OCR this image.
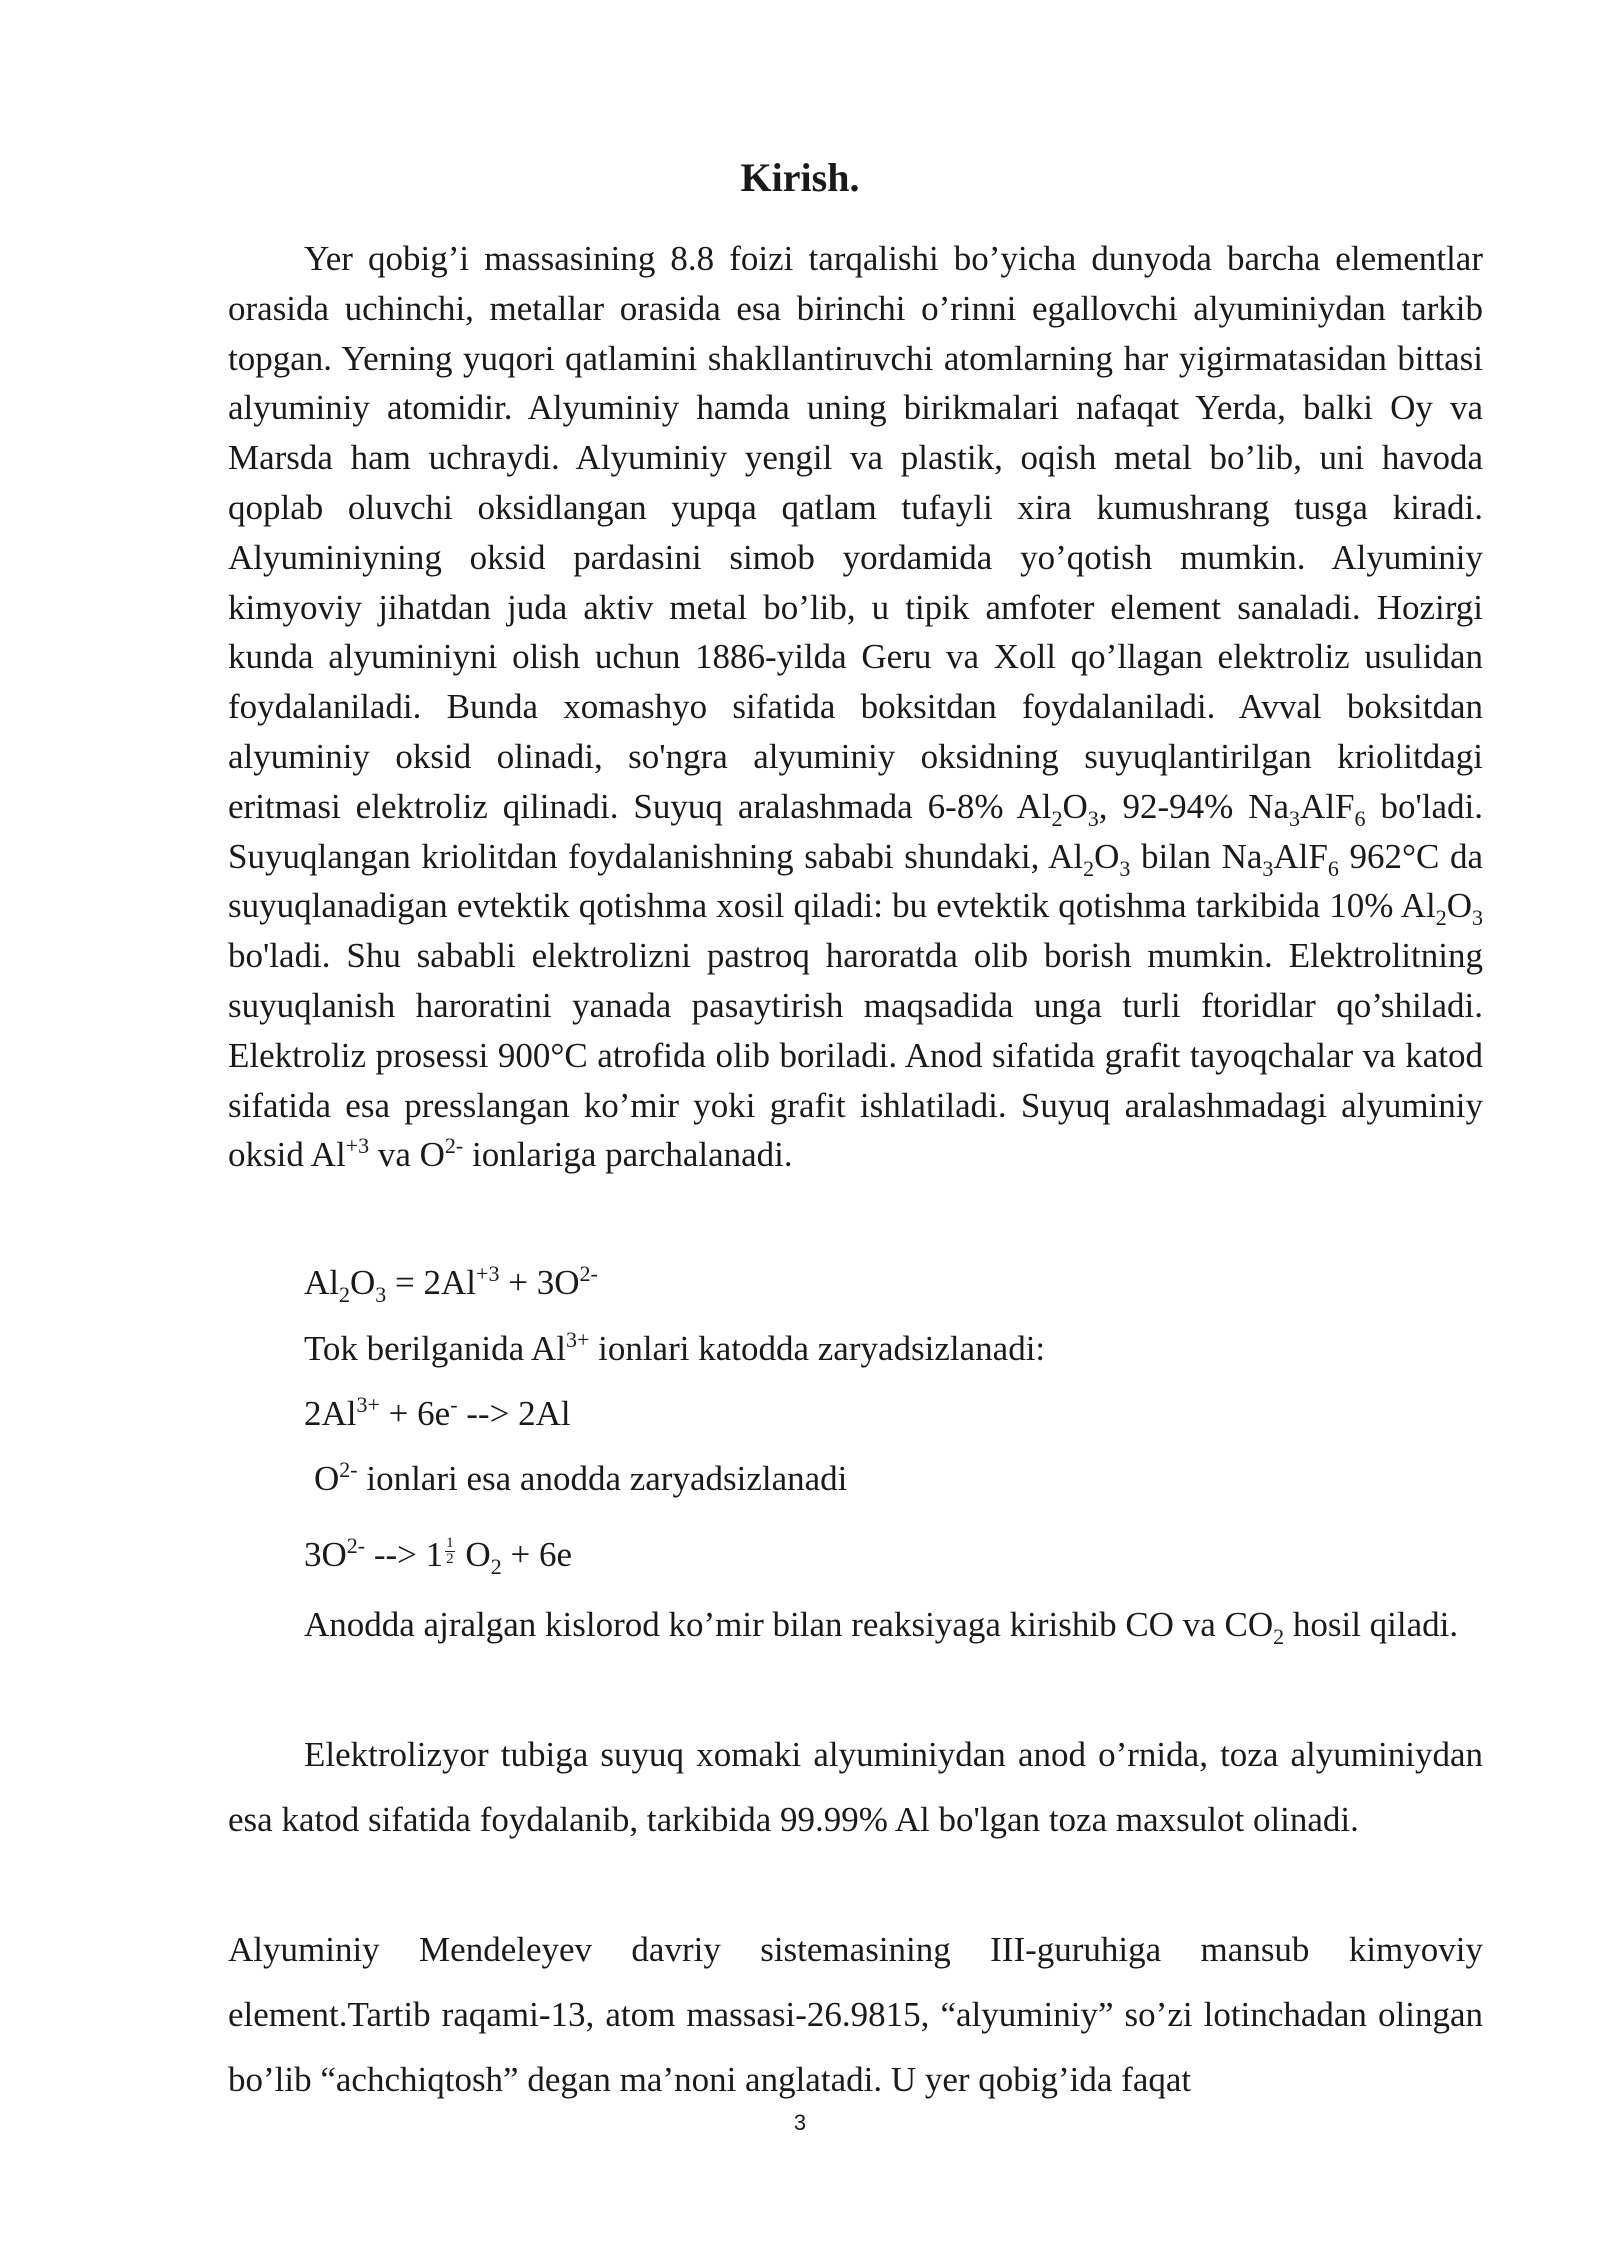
Kirish.
Yer qobig’i massasining 8.8 foizi tarqalishi bo’yicha dunyoda barcha elementlar orasida uchinchi, metallar orasida esa birinchi o’rinni egallovchi alyuminiydan tarkib topgan. Yerning yuqori qatlamini shakllantiruvchi atomlarning har yigirmatasidan bittasi alyuminiy atomidir. Alyuminiy hamda uning birikmalari nafaqat Yerda, balki Oy va Marsda ham uchraydi. Alyuminiy yengil va plastik, oqish metal bo’lib, uni havoda qoplab oluvchi oksidlangan yupqa qatlam tufayli xira kumushrang tusga kiradi. Alyuminiyning oksid pardasini simob yordamida yo’qotish mumkin. Alyuminiy kimyoviy jihatdan juda aktiv metal bo’lib, u tipik amfoter element sanaladi. Hozirgi kunda alyuminiyni olish uchun 1886-yilda Geru va Xoll qo’llagan elektroliz usulidan foydalaniladi. Bunda xomashyo sifatida boksitdan foydalaniladi. Avval boksitdan alyuminiy oksid olinadi, so'ngra alyuminiy oksidning suyuqlantirilgan kriolitdagi eritmasi elektroliz qilinadi. Suyuq aralashmada 6-8% $Al_2O_3$, 92-94% $Na_3AlF_6$ bo'ladi. Suyuqlangan kriolitdan foydalanishning sababi shundaki, $Al_2O_3$ bilan $Na_3AlF_6$ 962°C da suyuqlanadigan evtektik qotishma xosil qiladi: bu evtektik qotishma tarkibida 10% $Al_2O_3$ bo'ladi. Shu sababli elektrolizni pastroq haroratda olib borish mumkin. Elektrolitning suyuqlanish haroratini yanada pasaytirish maqsadida unga turli ftoridlar qo’shiladi. Elektroliz prosessi 900°C atrofida olib boriladi. Anod sifatida grafit tayoqchalar va katod sifatida esa presslangan ko’mir yoki grafit ishlatiladi. Suyuq aralashmadagi alyuminiy oksid $Al^{+3}$ va $O^{2-}$ ionlariga parchalanadi.
$Al_2O_3 = 2Al^{+3} + 3O^{2-}$
Tok berilganida $Al^{3+}$ ionlari katodda zaryadsizlanadi:
$2Al^{3+} + 6e^-$ --> 2Al
$O^{2-}$ ionlari esa anodda zaryadsizlanadi
$3O^{2-}$ --> $1 \frac{1}{2} O_2 + 6e$
Anodda ajralgan kislorod ko’mir bilan reaksiyaga kirishib CO va $CO_2$ hosil qiladi.
Elektrolizyor tubiga suyuq xomaki alyuminiydan anod o’rnida, toza alyuminiydan esa katod sifatida foydalanib, tarkibida 99.99% Al bo'lgan toza maxsulot olinadi.
Alyuminiy Mendeleyev davriy sistemasining III-guruhiga mansub kimyoviy element.Tartib raqami-13, atom massasi-26.9815, “alyuminiy” so’zi lotinchadan olingan bo’lib “achchiqtosh” degan ma’noni anglatadi. U yer qobig’ida faqat
3
